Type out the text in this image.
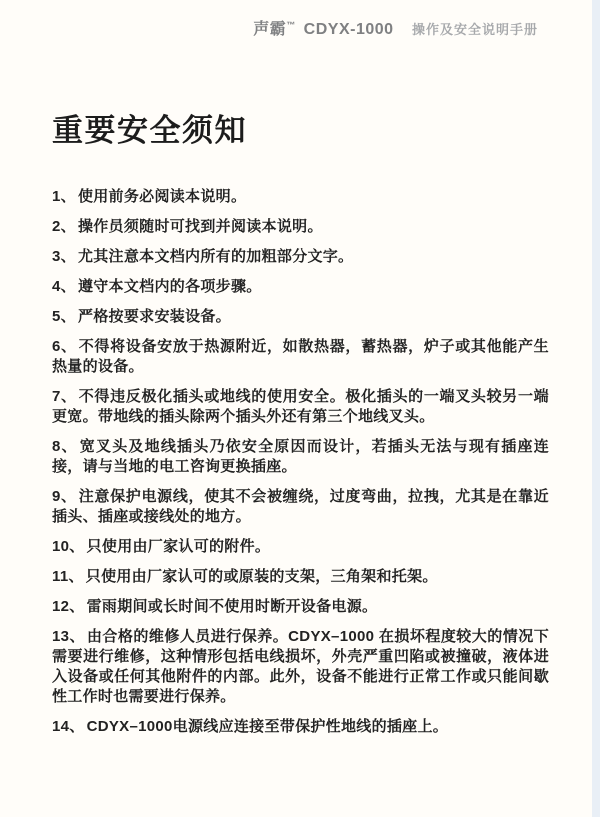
声霸™ CDYX-1000 操作及安全说明手册
重要安全须知
1、 使用前务必阅读本说明。
2、 操作员须随时可找到并阅读本说明。
3、 尤其注意本文档内所有的加粗部分文字。
4、 遵守本文档内的各项步骤。
5、 严格按要求安装设备。
6、 不得将设备安放于热源附近，如散热器，蓄热器，炉子或其他能产生热量的设备。
7、 不得违反极化插头或地线的使用安全。极化插头的一端叉头较另一端更宽。带地线的插头除两个插头外还有第三个地线叉头。
8、 宽叉头及地线插头乃依安全原因而设计，若插头无法与现有插座连接，请与当地的电工咨询更换插座。
9、 注意保护电源线，使其不会被缠绕，过度弯曲，拉拽，尤其是在靠近插头、插座或接线处的地方。
10、 只使用由厂家认可的附件。
11、 只使用由厂家认可的或原装的支架，三角架和托架。
12、 雷雨期间或长时间不使用时断开设备电源。
13、 由合格的维修人员进行保养。CDYX–1000 在损坏程度较大的情况下需要进行维修，这种情形包括电线损坏，外壳严重凹陷或被撞破，液体进入设备或任何其他附件的内部。此外，设备不能进行正常工作或只能间歇性工作时也需要进行保养。
14、 CDYX–1000电源线应连接至带保护性地线的插座上。
